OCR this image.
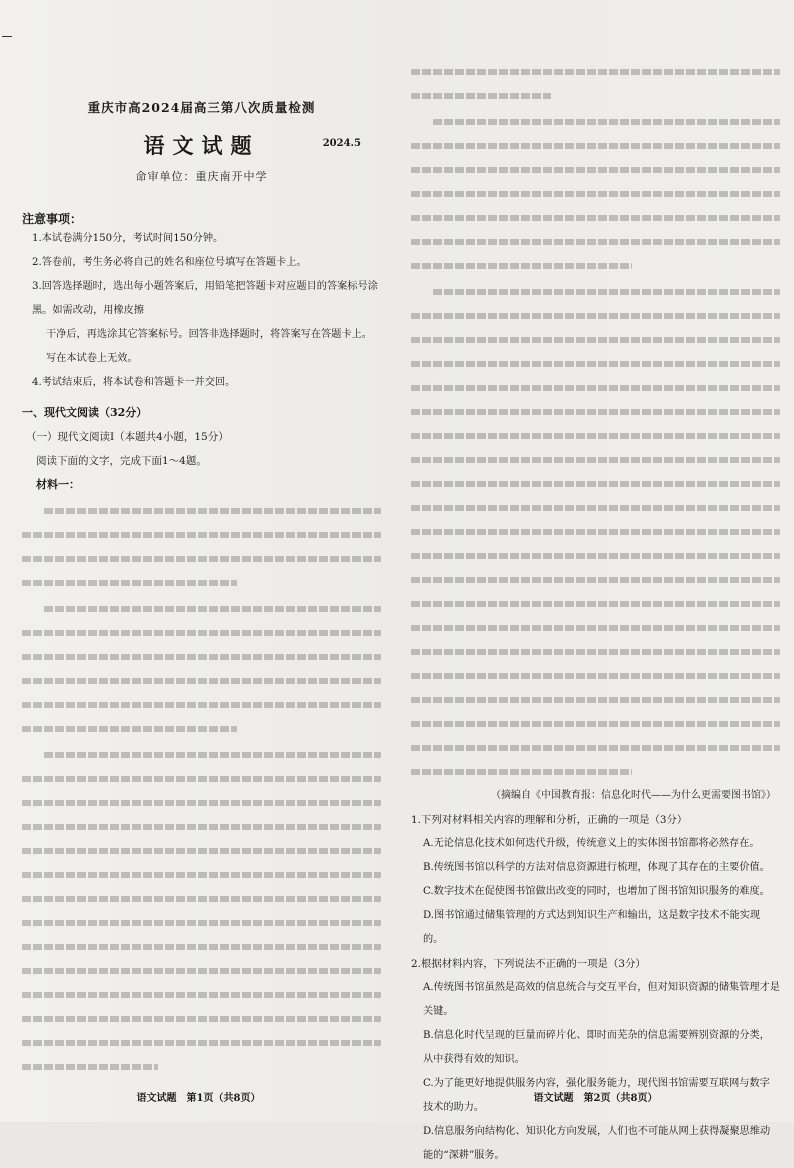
重庆市高2024届高三第八次质量检测
语文试题	2024.5
命审单位：重庆南开中学
注意事项：
1.本试卷满分150分，考试时间150分钟。
2.答卷前，考生务必将自己的姓名和座位号填写在答题卡上。
3.回答选择题时，选出每小题答案后，用铅笔把答题卡对应题目的答案标号涂黑。如需改动，用橡皮擦
干净后，再选涂其它答案标号。回答非选择题时，将答案写在答题卡上。写在本试卷上无效。
4.考试结束后，将本试卷和答题卡一并交回。
一、现代文阅读（32分）
（一）现代文阅读Ⅰ（本题共4小题，15分）
阅读下面的文字，完成下面1～4题。
材料一：
语文试题　第1页（共8页）
（摘编自《中国教育报：信息化时代——为什么更需要图书馆》）
1.下列对材料相关内容的理解和分析，正确的一项是（3分）
A.无论信息化技术如何迭代升级，传统意义上的实体图书馆都将必然存在。
B.传统图书馆以科学的方法对信息资源进行梳理，体现了其存在的主要价值。
C.数字技术在促使图书馆做出改变的同时，也增加了图书馆知识服务的难度。
D.图书馆通过储集管理的方式达到知识生产和输出，这是数字技术不能实现的。
2.根据材料内容，下列说法不正确的一项是（3分）
A.传统图书馆虽然是高效的信息统合与交互平台，但对知识资源的储集管理才是关键。
B.信息化时代呈现的巨量而碎片化、即时而芜杂的信息需要辨别资源的分类，从中获得有效的知识。
C.为了能更好地提供服务内容，强化服务能力，现代图书馆需要互联网与数字技术的助力。
D.信息服务向结构化、知识化方向发展，人们也不可能从网上获得凝聚思维动能的“深耕”服务。
语文试题　第2页（共8页）
